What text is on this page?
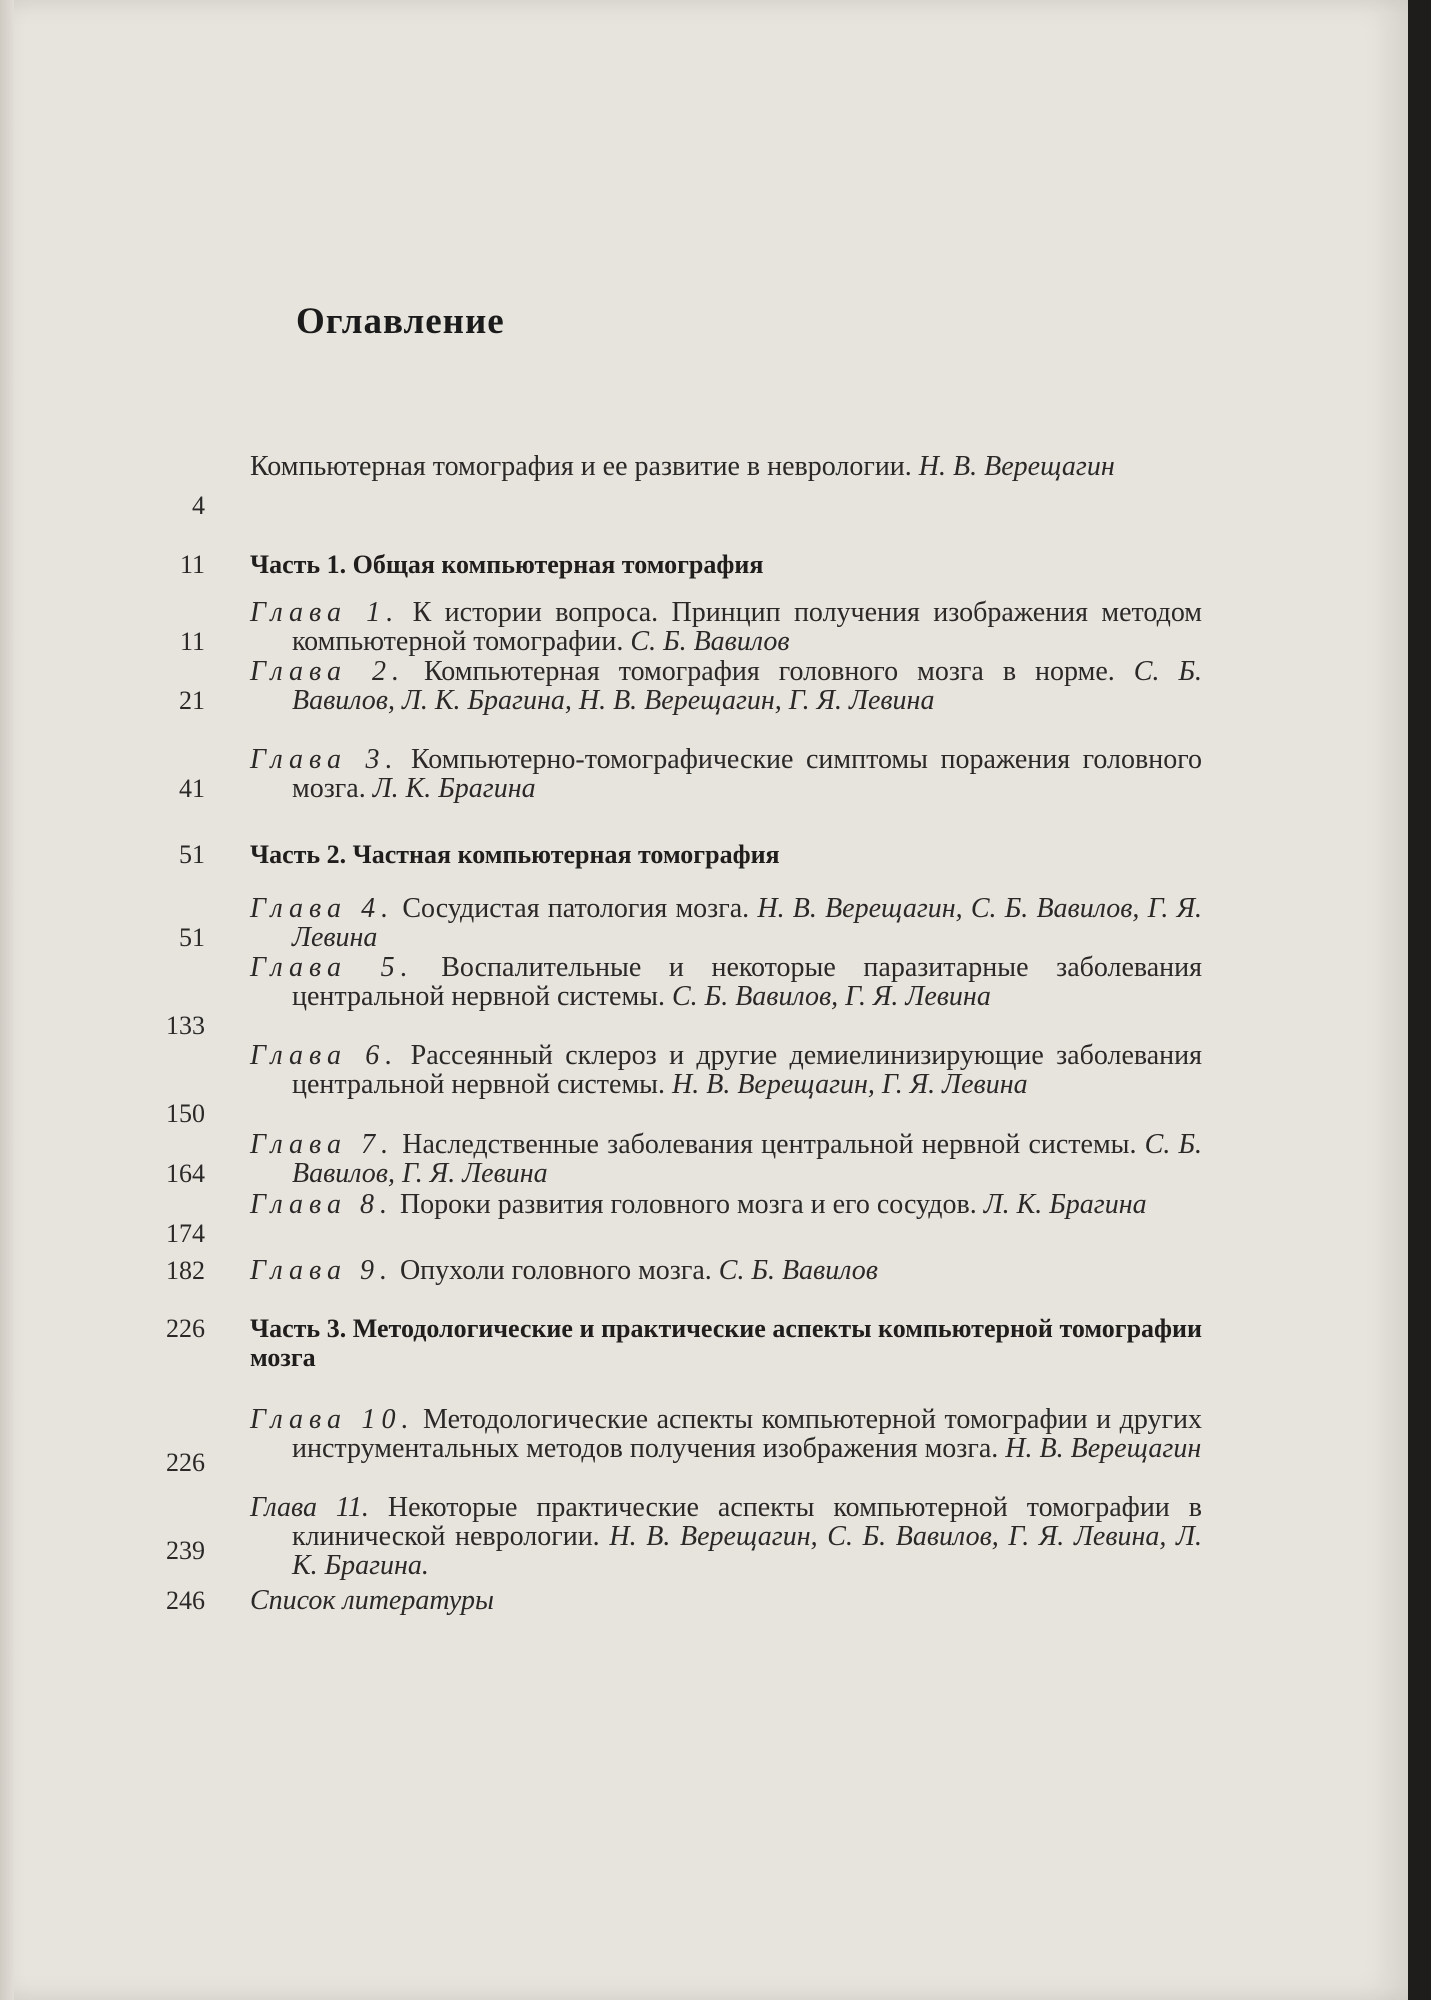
Оглавление
4
Компьютерная томография и ее развитие в неврологии. Н. В. Верещагин
11 Часть 1. Общая компьютерная томография
11
Глава 1. К истории вопроса. Принцип получения изображения методом компьютерной томографии. С. Б. Вавилов
21
Глава 2. Компьютерная томография головного мозга в норме. С. Б. Вавилов, Л. К. Брагина, Н. В. Верещагин, Г. Я. Левина
41
Глава 3. Компьютерно-томографические симптомы поражения головного мозга. Л. К. Брагина
51 Часть 2. Частная компьютерная томография
51
Глава 4. Сосудистая патология мозга. Н. В. Верещагин, С. Б. Вавилов, Г. Я. Левина
133
Глава 5. Воспалительные и некоторые паразитарные заболевания центральной нервной системы. С. Б. Вавилов, Г. Я. Левина
150
Глава 6. Рассеянный склероз и другие демиелинизирующие заболевания центральной нервной системы. Н. В. Верещагин, Г. Я. Левина
164
Глава 7. Наследственные заболевания центральной нервной системы. С. Б. Вавилов, Г. Я. Левина
174
Глава 8. Пороки развития головного мозга и его сосудов. Л. К. Брагина
182 Глава 9. Опухоли головного мозга. С. Б. Вавилов
226 Часть 3. Методологические и практические аспекты компьютерной томографии мозга
226
Глава 10. Методологические аспекты компьютерной томографии и других инструментальных методов получения изображения мозга. Н. В. Верещагин
239
Глава 11. Некоторые практические аспекты компьютерной томографии в клинической неврологии. Н. В. Верещагин, С. Б. Вавилов, Г. Я. Левина, Л. К. Брагина.
246 Список литературы
